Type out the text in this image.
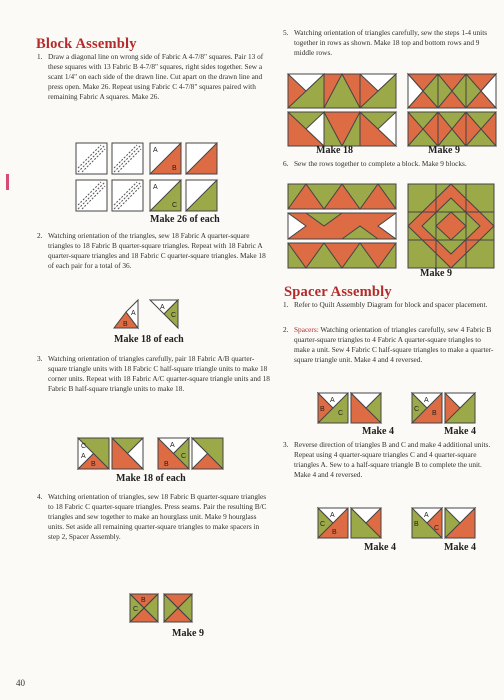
Block Assembly
1. Draw a diagonal line on wrong side of Fabric A 4-7/8" squares. Pair 13 of these squares with 13 Fabric B 4-7/8" squares, right sides together. Sew a scant 1/4" on each side of the drawn line. Cut apart on the drawn line and press open. Make 26. Repeat using Fabric C 4-7/8" squares paired with remaining Fabric A squares. Make 26.
A
B
A
C
Make 26 of each
2. Watching orientation of the triangles, sew 18 Fabric A quarter-square triangles to 18 Fabric B quarter-square triangles. Repeat with 18 Fabric A quarter-square triangles and 18 Fabric C quarter-square triangles. Make 18 of each pair for a total of 36.
A
B
A
C
Make 18 of each
3. Watching orientation of triangles carefully, pair 18 Fabric A/B quarter-square triangle units with 18 Fabric C half-square triangle units to make 18 corner units. Repeat with 18 Fabric A/C quarter-square triangle units and 18 Fabric B half-square triangle units to make 18.
C
A
B
A
C
B
Make 18 of each
4. Watching orientation of triangles, sew 18 Fabric B quarter-square triangles to 18 Fabric C quarter-square triangles. Press seams. Pair the resulting B/C triangles and sew together to make an hourglass unit. Make 9 hourglass units. Set aside all remaining quarter-square triangles to make spacers in step 2, Spacer Assembly.
B
C
Make 9
40
5. Watching orientation of triangles carefully, sew the steps 1-4 units together in rows as shown. Make 18 top and bottom rows and 9 middle rows.
Make 18	Make 9
6. Sew the rows together to complete a block. Make 9 blocks.
Make 9
Spacer Assembly
1. Refer to Quilt Assembly Diagram for block and spacer placement.
2. Spacers: Watching orientation of triangles carefully, sew 4 Fabric B quarter-square triangles to 4 Fabric A quarter-square triangles to make a unit. Sew 4 Fabric C half-square triangles to make a quarter-square triangle unit. Make 4 and 4 reversed.
B
A
C
C
A
B
Make 4	Make 4
3. Reverse direction of triangles B and C and make 4 additional units. Repeat using 4 quarter-square triangles C and 4 quarter-square triangles A. Sew to a half-square triangle B to complete the unit. Make 4 and 4 reversed.
C
A
B
B
A
C
Make 4	Make 4
